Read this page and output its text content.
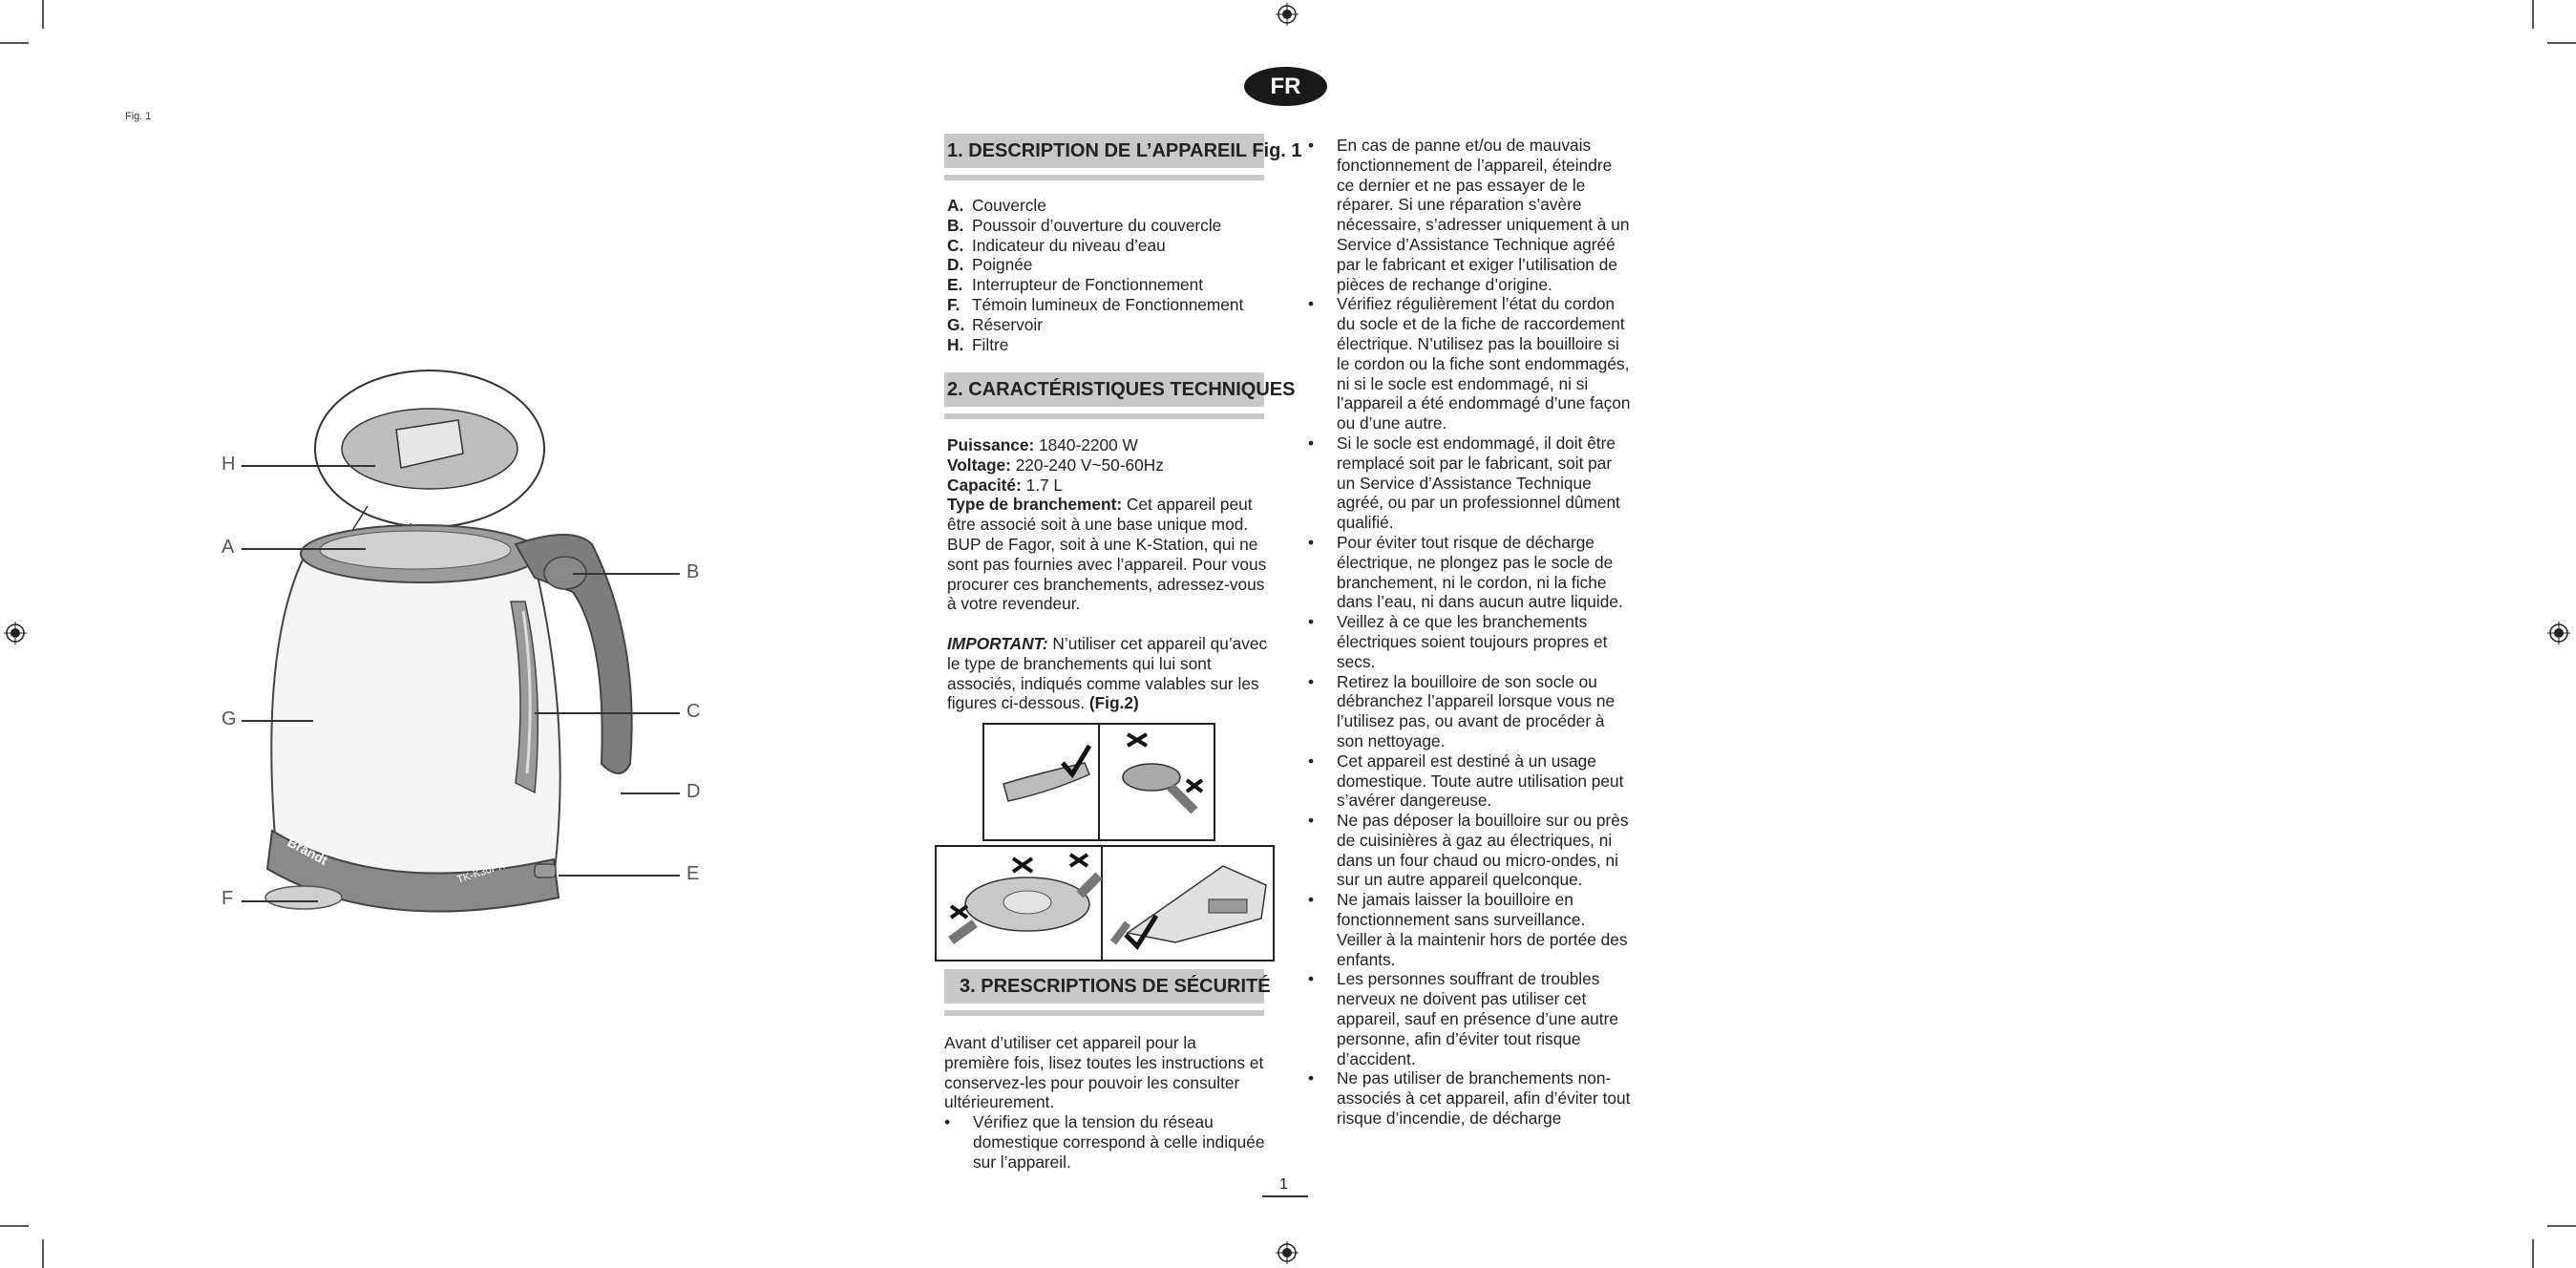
Fig. 1
Brandt
TK-K30PX
H
A
G
F
B
C
D
E
FR
1. DESCRIPTION DE L’APPAREIL Fig. 1
A. Couvercle
B. Poussoir d’ouverture du couvercle
C. Indicateur du niveau d’eau
D. Poignée
E. Interrupteur de Fonctionnement
F. Témoin lumineux de Fonctionnement
G. Réservoir
H. Filtre
2. CARACTÉRISTIQUES TECHNIQUES
Puissance: 1840-2200 W
Voltage: 220-240 V~50-60Hz
Capacité: 1.7 L
Type de branchement: Cet appareil peut être associé soit à une base unique mod. BUP de Fagor, soit à une K-Station, qui ne sont pas fournies avec l’appareil. Pour vous procurer ces branchements, adressez-vous à votre revendeur.
IMPORTANT: N’utiliser cet appareil qu’avec le type de branchements qui lui sont associés, indiqués comme valables sur les figures ci-dessous. (Fig.2)
3. PRESCRIPTIONS DE SÉCURITÉ
Avant d’utiliser cet appareil pour la première fois, lisez toutes les instructions et conservez-les pour pouvoir les consulter ultérieurement.
• Vérifiez que la tension du réseau domestique correspond à celle indiquée sur l’appareil.
• En cas de panne et/ou de mauvais fonctionnement de l’appareil, éteindre ce dernier et ne pas essayer de le réparer. Si une réparation s’avère nécessaire, s’adresser uniquement à un Service d’Assistance Technique agréé par le fabricant et exiger l’utilisation de pièces de rechange d’origine.
• Vérifiez régulièrement l’état du cordon du socle et de la fiche de raccordement électrique. N’utilisez pas la bouilloire si le cordon ou la fiche sont endommagés, ni si le socle est endommagé, ni si l’appareil a été endommagé d’une façon ou d’une autre.
• Si le socle est endommagé, il doit être remplacé soit par le fabricant, soit par un Service d’Assistance Technique agréé, ou par un professionnel dûment qualifié.
• Pour éviter tout risque de décharge électrique, ne plongez pas le socle de branchement, ni le cordon, ni la fiche dans l’eau, ni dans aucun autre liquide.
• Veillez à ce que les branchements électriques soient toujours propres et secs.
• Retirez la bouilloire de son socle ou débranchez l’appareil lorsque vous ne l’utilisez pas, ou avant de procéder à son nettoyage.
• Cet appareil est destiné à un usage domestique. Toute autre utilisation peut s’avérer dangereuse.
• Ne pas déposer la bouilloire sur ou près de cuisinières à gaz au électriques, ni dans un four chaud ou micro-ondes, ni sur un autre appareil quelconque.
• Ne jamais laisser la bouilloire en fonctionnement sans surveillance. Veiller à la maintenir hors de portée des enfants.
• Les personnes souffrant de troubles nerveux ne doivent pas utiliser cet appareil, sauf en présence d’une autre personne, afin d’éviter tout risque d’accident.
• Ne pas utiliser de branchements non-associés à cet appareil, afin d’éviter tout risque d’incendie, de décharge
1
